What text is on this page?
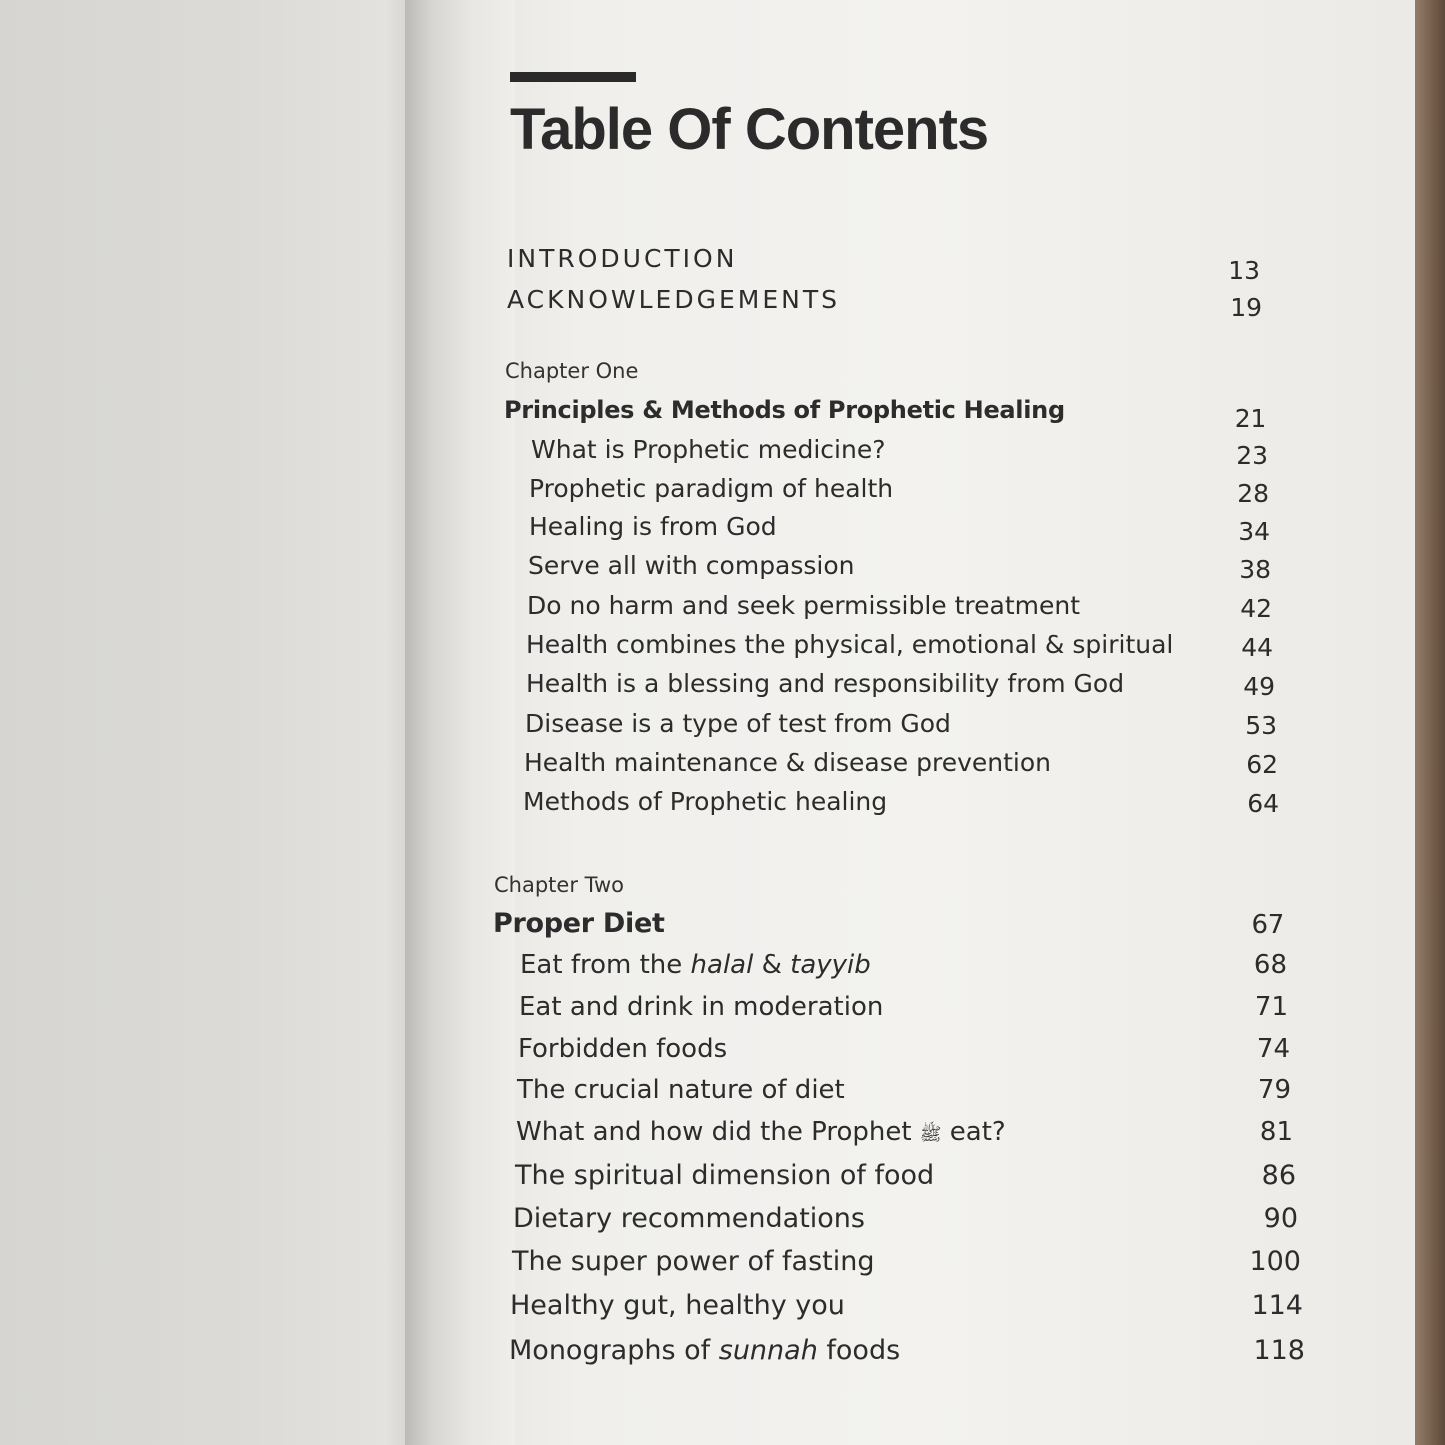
Table Of Contents
INTRODUCTION	13
ACKNOWLEDGEMENTS	19
Chapter One
Principles & Methods of Prophetic Healing	21
What is Prophetic medicine?	23
Prophetic paradigm of health	28
Healing is from God	34
Serve all with compassion	38
Do no harm and seek permissible treatment	42
Health combines the physical, emotional & spiritual	44
Health is a blessing and responsibility from God	49
Disease is a type of test from God	53
Health maintenance & disease prevention	62
Methods of Prophetic healing	64
Chapter Two
Proper Diet	67
Eat from the halal & tayyib	68
Eat and drink in moderation	71
Forbidden foods	74
The crucial nature of diet	79
What and how did the Prophet ﷺ eat?	81
The spiritual dimension of food	86
Dietary recommendations	90
The super power of fasting	100
Healthy gut, healthy you	114
Monographs of sunnah foods	118
